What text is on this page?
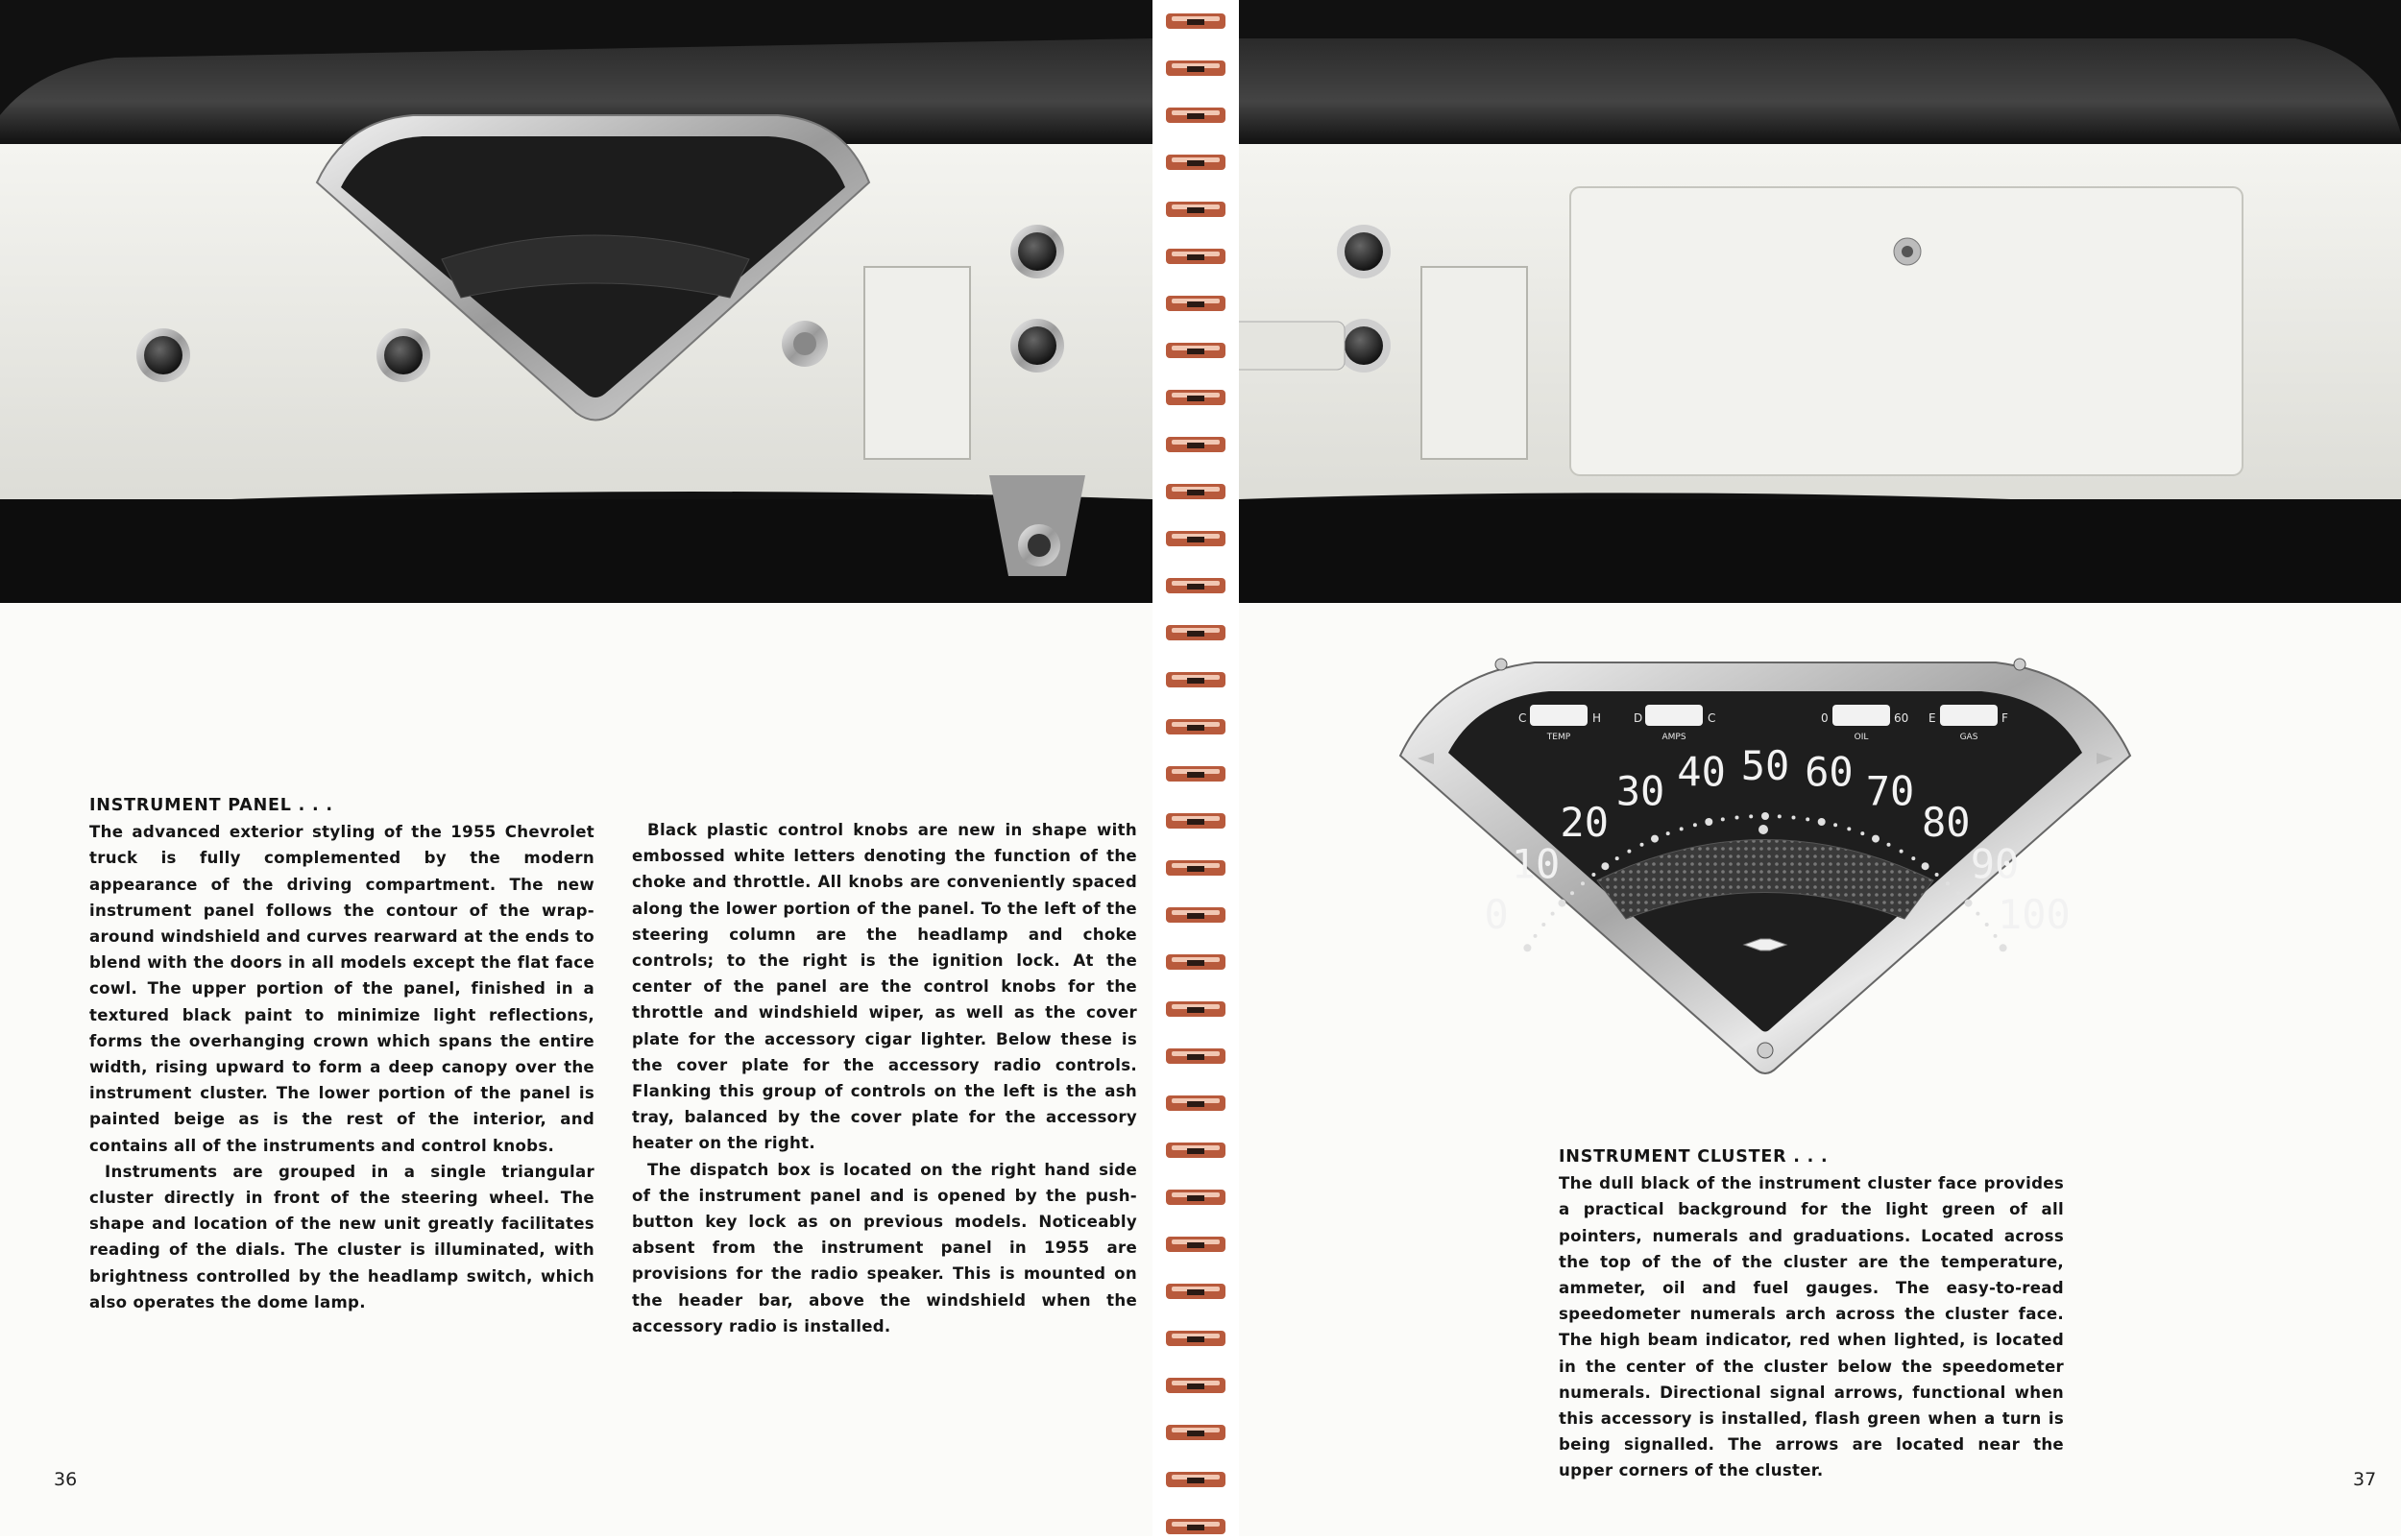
INSTRUMENT PANEL . . .

The advanced exterior styling of the 1955 Chevrolet truck is fully complemented by the modern appearance of the driving compartment. The new instrument panel follows the contour of the wrap-around windshield and curves rearward at the ends to blend with the doors in all models except the flat face cowl. The upper portion of the panel, finished in a textured black paint to minimize light reflections, forms the overhanging crown which spans the entire width, rising upward to form a deep canopy over the instrument cluster. The lower portion of the panel is painted beige as is the rest of the interior, and contains all of the instruments and control knobs.

Instruments are grouped in a single triangular cluster directly in front of the steering wheel. The shape and location of the new unit greatly facilitates reading of the dials. The cluster is illuminated, with brightness controlled by the headlamp switch, which also operates the dome lamp.

Black plastic control knobs are new in shape with embossed white letters denoting the function of the choke and throttle. All knobs are conveniently spaced along the lower portion of the panel. To the left of the steering column are the headlamp and choke controls; to the right is the ignition lock. At the center of the panel are the control knobs for the throttle and windshield wiper, as well as the cover plate for the accessory cigar lighter. Below these is the cover plate for the accessory radio controls. Flanking this group of controls on the left is the ash tray, balanced by the cover plate for the accessory heater on the right.

The dispatch box is located on the right hand side of the instrument panel and is opened by the push-button key lock as on previous models. Noticeably absent from the instrument panel in 1955 are provisions for the radio speaker. This is mounted on the header bar, above the windshield when the accessory radio is installed.

36
C	H
TEMP
D	C
AMPS
0	60
OIL
E	F
GAS
0
10
20
30 40 50 60 70
80
90
100

INSTRUMENT CLUSTER . . .

The dull black of the instrument cluster face provides a practical background for the light green of all pointers, numerals and graduations. Located across the top of the of the cluster are the temperature, ammeter, oil and fuel gauges. The easy-to-read speedometer numerals arch across the cluster face. The high beam indicator, red when lighted, is located in the center of the cluster below the speedometer numerals. Directional signal arrows, functional when this accessory is installed, flash green when a turn is being signalled. The arrows are located near the upper corners of the cluster.	37
